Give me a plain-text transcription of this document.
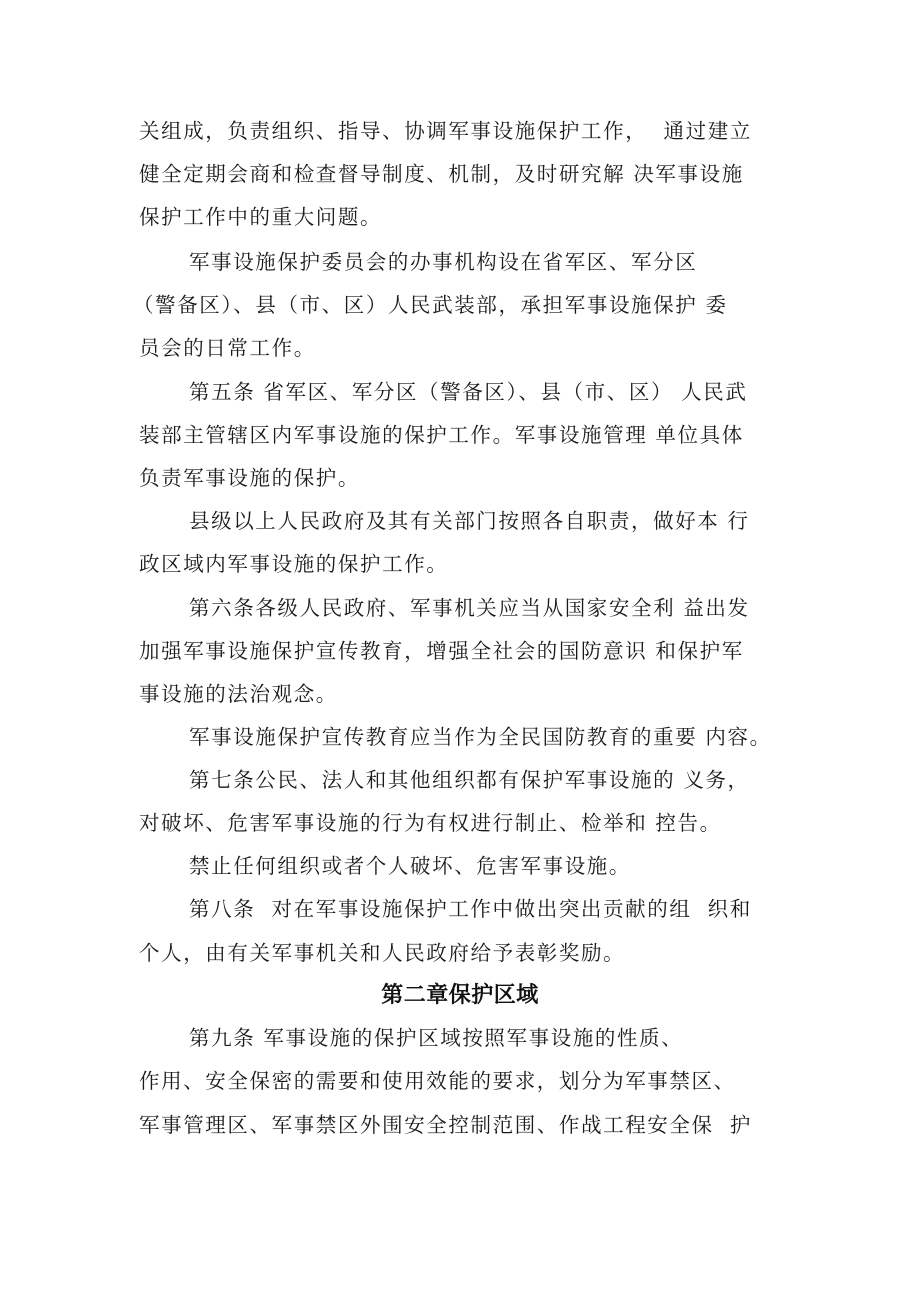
关组成，负责组织、指导、协调军事设施保护工作，  通过建立
健全定期会商和检查督导制度、机制，及时研究解 决军事设施
保护工作中的重大问题。
军事设施保护委员会的办事机构设在省军区、军分区
（警备区）、县（市、区）人民武装部，承担军事设施保护 委
员会的日常工作。
第五条 省军区、军分区（警备区）、县（市、区） 人民武
装部主管辖区内军事设施的保护工作。军事设施管理 单位具体
负责军事设施的保护。
县级以上人民政府及其有关部门按照各自职责，做好本 行
政区域内军事设施的保护工作。
第六条各级人民政府、军事机关应当从国家安全利 益出发
加强军事设施保护宣传教育，增强全社会的国防意识 和保护军
事设施的法治观念。
军事设施保护宣传教育应当作为全民国防教育的重要 内容。
第七条公民、法人和其他组织都有保护军事设施的 义务，
对破坏、危害军事设施的行为有权进行制止、检举和 控告。
禁止任何组织或者个人破坏、危害军事设施。
第八条  对在军事设施保护工作中做出突出贡献的组  织和
个人，由有关军事机关和人民政府给予表彰奖励。
第二章保护区域
第九条 军事设施的保护区域按照军事设施的性质、
作用、安全保密的需要和使用效能的要求，划分为军事禁区、
军事管理区、军事禁区外围安全控制范围、作战工程安全保  护
